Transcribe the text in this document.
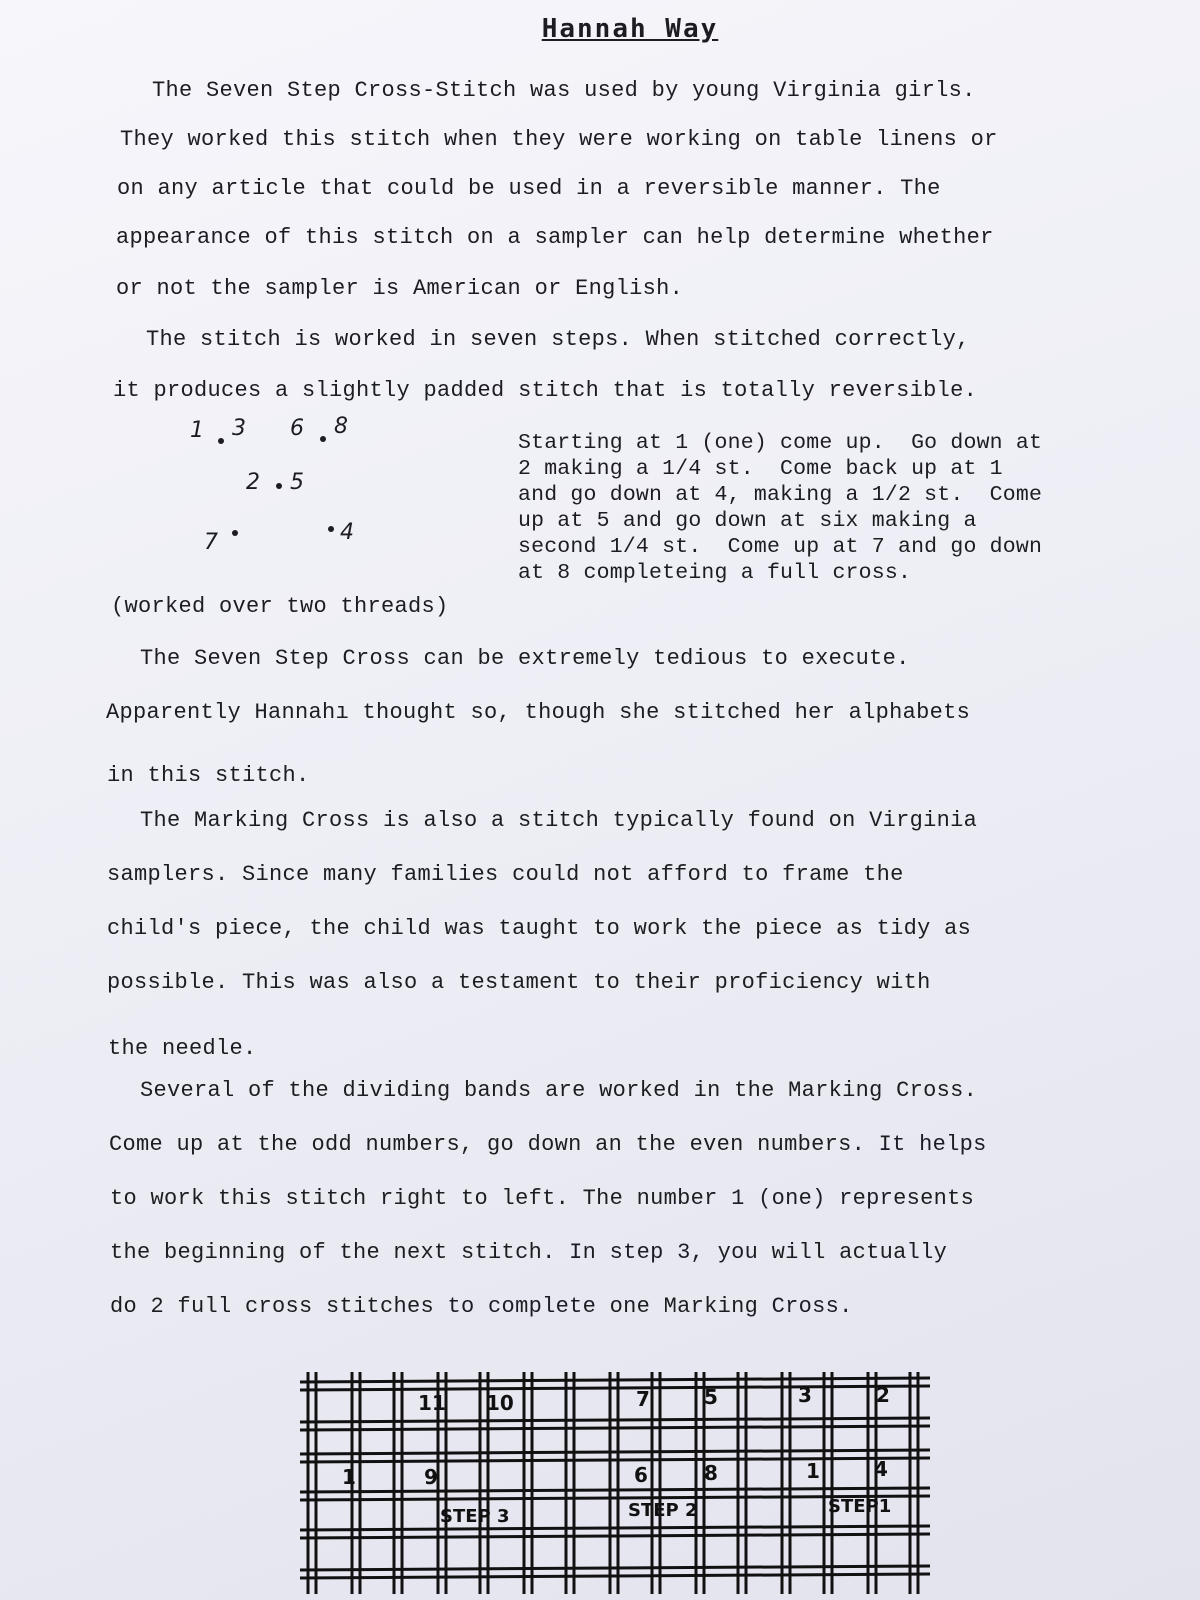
Hannah Way
The Seven Step Cross-Stitch was used by young Virginia girls.
They worked this stitch when they were working on table linens or
on any article that could be used in a reversible manner. The
appearance of this stitch on a sampler can help determine whether
or not the sampler is American or English.
The stitch is worked in seven steps. When stitched correctly,
it produces a slightly padded stitch that is totally reversible.
1 3 6 8
2 5
7	4
(worked over two threads)
Starting at 1 (one) come up.  Go down at
2 making a 1/4 st.  Come back up at 1
and go down at 4, making a 1/2 st.  Come
up at 5 and go down at six making a
second 1/4 st.  Come up at 7 and go down
at 8 completeing a full cross.
The Seven Step Cross can be extremely tedious to execute.
Apparently Hannahı thought so, though she stitched her alphabets
in this stitch.
The Marking Cross is also a stitch typically found on Virginia
samplers. Since many families could not afford to frame the
child's piece, the child was taught to work the piece as tidy as
possible. This was also a testament to their proficiency with
the needle.
Several of the dividing bands are worked in the Marking Cross.
Come up at the odd numbers, go down an the even numbers. It helps
to work this stitch right to left. The number 1 (one) represents
the beginning of the next stitch. In step 3, you will actually
do 2 full cross stitches to complete one Marking Cross.
11 10	7	5	3	2
1	9	6	8	1	4
STEP 3	STEP 2	STEP1
